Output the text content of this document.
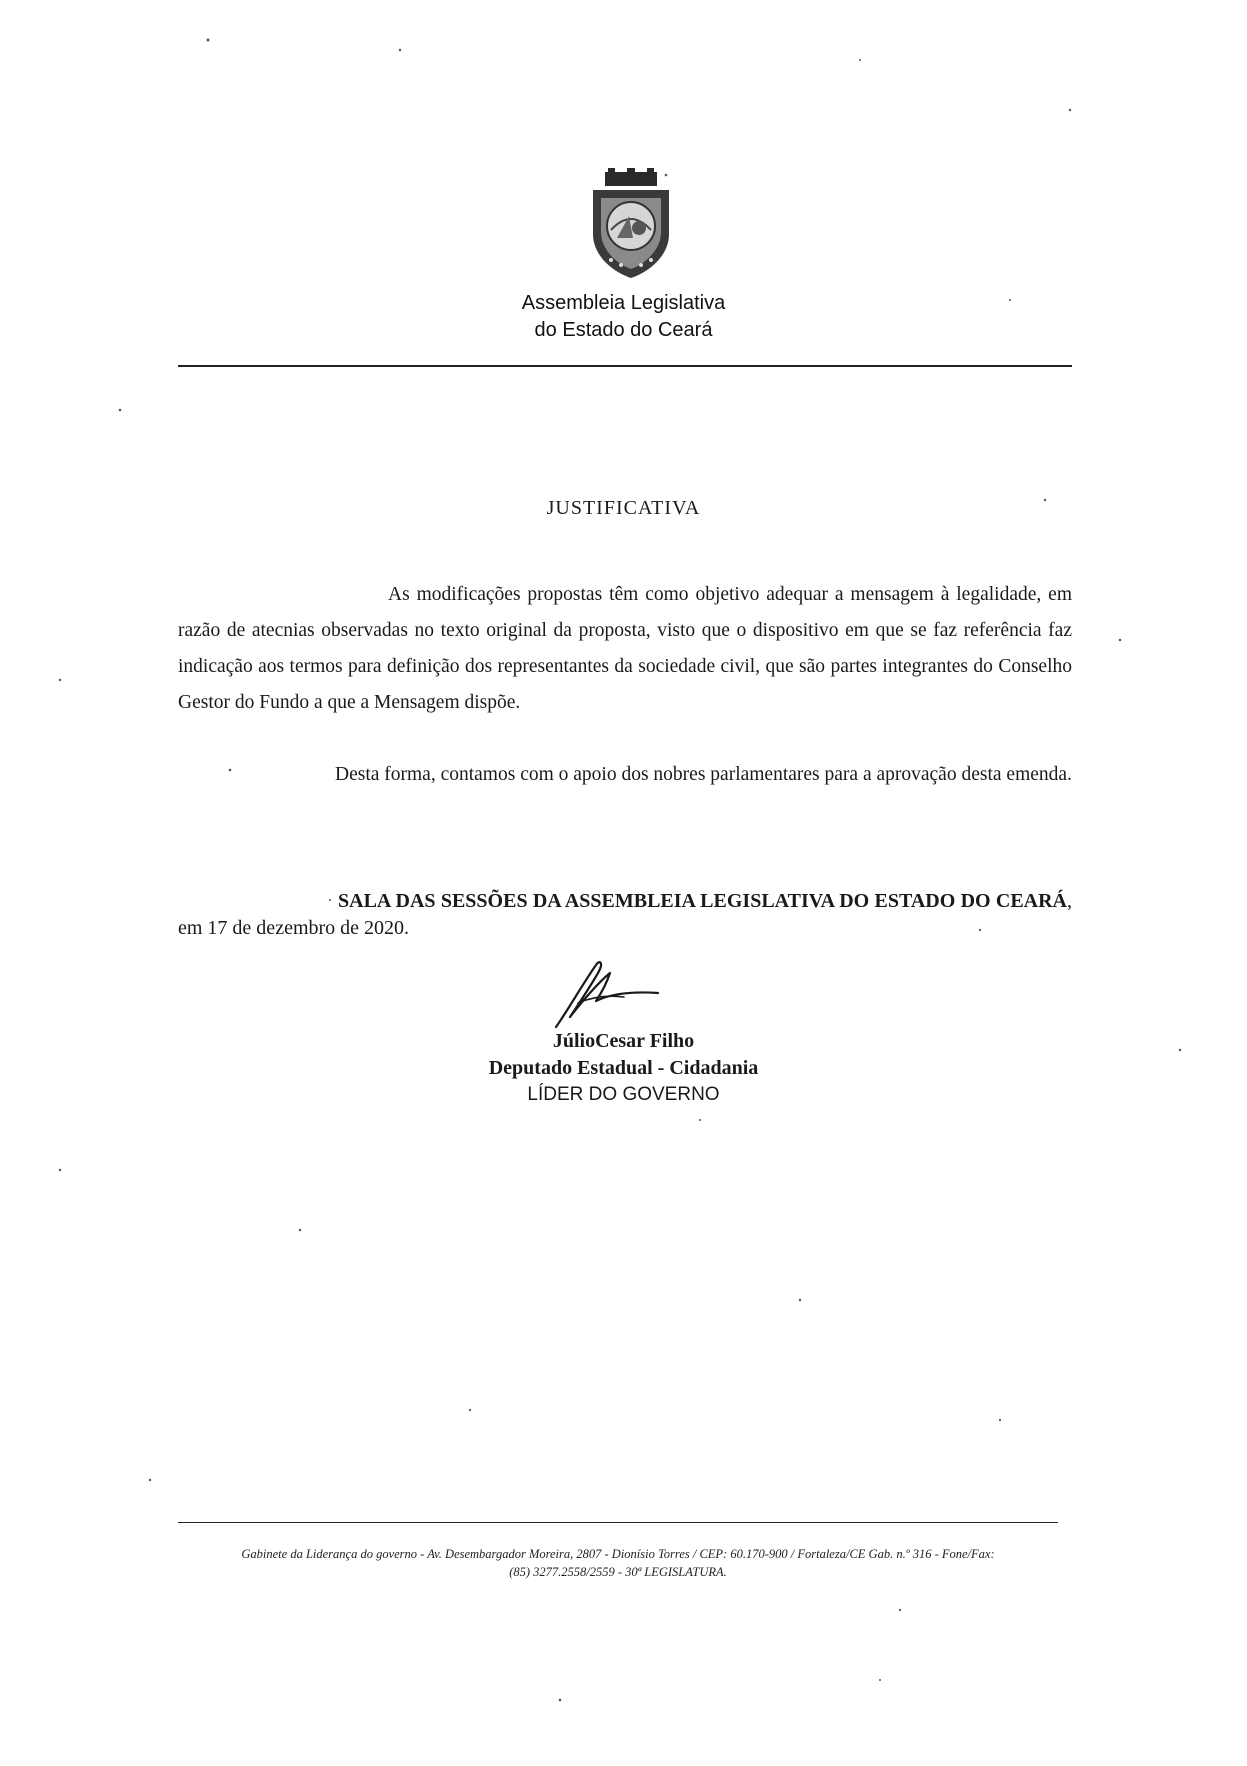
Assembleia Legislativa
do Estado do Ceará
JUSTIFICATIVA

As modificações propostas têm como objetivo adequar a mensagem à legalidade, em razão de atecnias observadas no texto original da proposta, visto que o dispositivo em que se faz referência faz indicação aos termos para definição dos representantes da sociedade civil, que são partes integrantes do Conselho Gestor do Fundo a que a Mensagem dispõe.

Desta forma, contamos com o apoio dos nobres parlamentares para a aprovação desta emenda.

SALA DAS SESSÕES DA ASSEMBLEIA LEGISLATIVA DO ESTADO DO CEARÁ, em 17 de dezembro de 2020.

JúlioCesar Filho
Deputado Estadual - Cidadania
LÍDER DO GOVERNO
Gabinete da Liderança do governo - Av. Desembargador Moreira, 2807 - Dionísio Torres / CEP: 60.170-900 / Fortaleza/CE Gab. n.º 316 - Fone/Fax:
(85) 3277.2558/2559 - 30ª LEGISLATURA.
